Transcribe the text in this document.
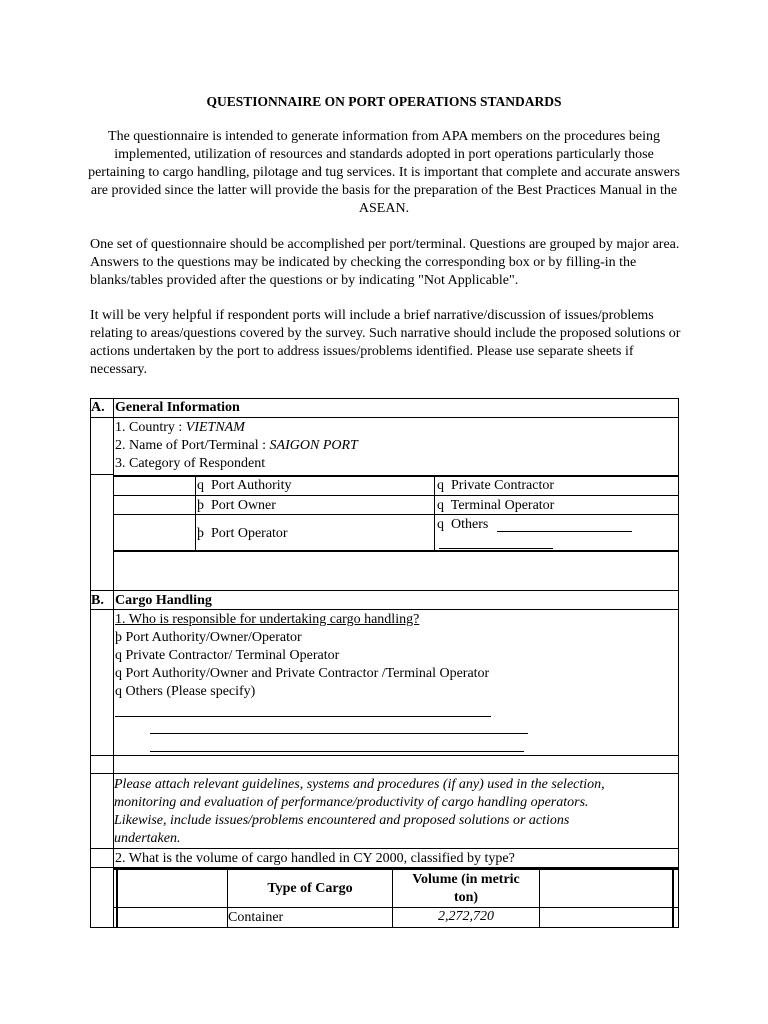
QUESTIONNAIRE ON PORT OPERATIONS STANDARDS
The questionnaire is intended to generate information from APA members on the procedures being implemented, utilization of resources and standards adopted in port operations particularly those pertaining to cargo handling, pilotage and tug services. It is important that complete and accurate answers are provided since the latter will provide the basis for the preparation of the Best Practices Manual in the ASEAN.
One set of questionnaire should be accomplished per port/terminal. Questions are grouped by major area. Answers to the questions may be indicated by checking the corresponding box or by filling-in the blanks/tables provided after the questions or by indicating "Not Applicable".
It will be very helpful if respondent ports will include a brief narrative/discussion of issues/problems relating to areas/questions covered by the survey. Such narrative should include the proposed solutions or actions undertaken by the port to address issues/problems identified. Please use separate sheets if necessary.
A. General Information
1. Country : VIETNAM
2. Name of Port/Terminal : SAIGON PORT
3. Category of Respondent
q Port Authority
þ Port Owner
þ Port Operator
q Private Contractor
q Terminal Operator
q Others
B. Cargo Handling
1. Who is responsible for undertaking cargo handling?
þ Port Authority/Owner/Operator
q Private Contractor/ Terminal Operator
q Port Authority/Owner and Private Contractor /Terminal Operator
q Others (Please specify)
Please attach relevant guidelines, systems and procedures (if any) used in the selection,
monitoring and evaluation of performance/productivity of cargo handling operators.
Likewise, include issues/problems encountered and proposed solutions or actions
undertaken.
2. What is the volume of cargo handled in CY 2000, classified by type?
Type of Cargo
Volume (in metric
ton)
Container	2,272,720
